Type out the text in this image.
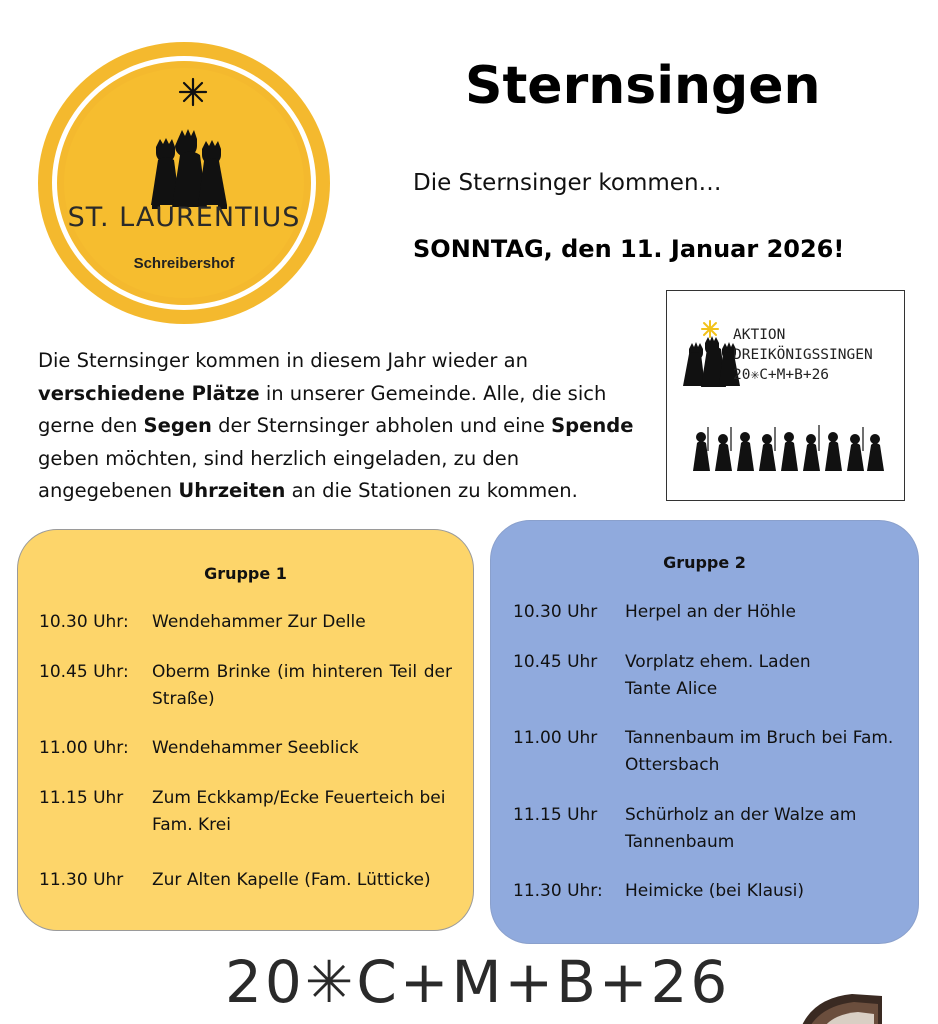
ST. LAURENTIUS
Schreibershof
Sternsingen
Die Sternsinger kommen…
SONNTAG, den 11. Januar 2026!
AKTION
DREIKÖNIGSSINGEN
20✳C+M+B+26

Die Sternsinger kommen in diesem Jahr wieder an verschiedene Plätze in unserer Gemeinde. Alle, die sich gerne den Segen der Sternsinger abholen und eine Spende geben möchten, sind herzlich eingeladen, zu den angegebenen Uhrzeiten an die Stationen zu kommen.

Gruppe 1
10.30 Uhr: Wendehammer Zur Delle
10.45 Uhr: Oberm Brinke (im hinteren Teil der Straße)
11.00 Uhr: Wendehammer Seeblick
11.15 Uhr Zum Eckkamp/Ecke Feuerteich bei Fam. Krei
11.30 Uhr Zur Alten Kapelle (Fam. Lütticke)
Gruppe 2
10.30 Uhr Herpel an der Höhle
10.45 Uhr Vorplatz ehem. Laden Tante Alice
11.00 Uhr Tannenbaum im Bruch bei Fam. Ottersbach
11.15 Uhr Schürholz an der Walze am Tannenbaum
11.30 Uhr: Heimicke (bei Klausi)
20✳C+M+B+26
